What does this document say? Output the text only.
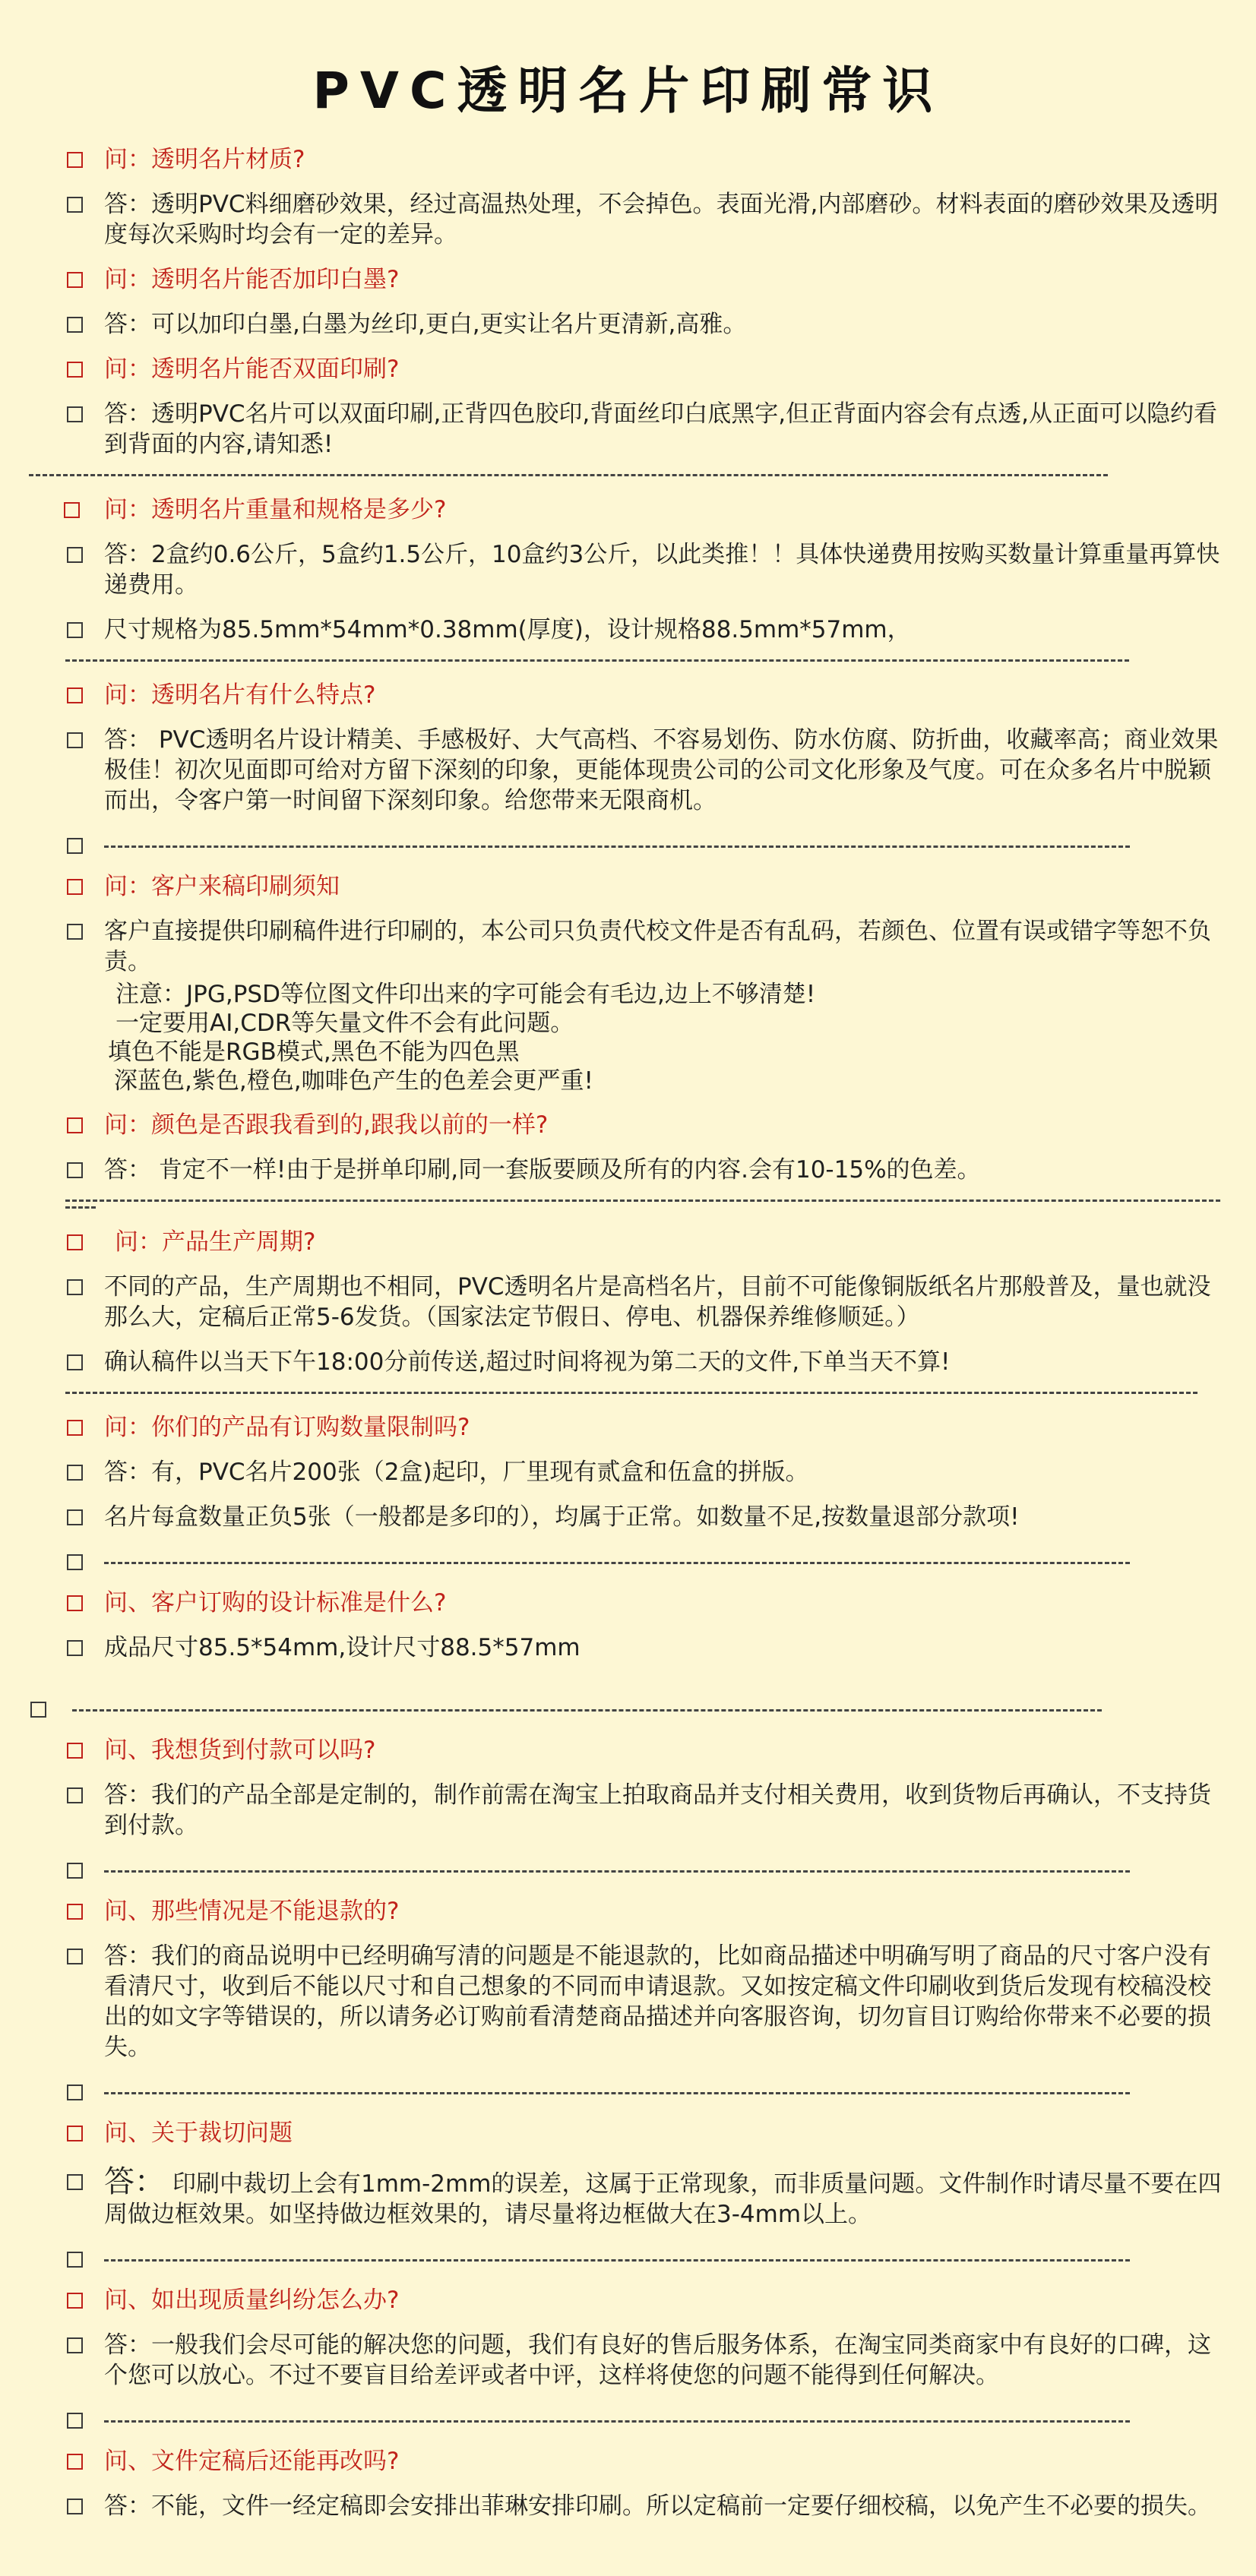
PVC透明名片印刷常识
问：透明名片材质?
答：透明PVC料细磨砂效果，经过高温热处理，不会掉色。表面光滑,内部磨砂。材料表面的磨砂效果及透明度每次采购时均会有一定的差异。
问：透明名片能否加印白墨?
答：可以加印白墨,白墨为丝印,更白,更实让名片更清新,高雅。
问：透明名片能否双面印刷?
答：透明PVC名片可以双面印刷,正背四色胶印,背面丝印白底黑字,但正背面内容会有点透,从正面可以隐约看到背面的内容,请知悉!
问：透明名片重量和规格是多少?
答：2盒约0.6公斤，5盒约1.5公斤，10盒约3公斤，以此类推！！具体快递费用按购买数量计算重量再算快递费用。
尺寸规格为85.5mm*54mm*0.38mm(厚度)，设计规格88.5mm*57mm，
问：透明名片有什么特点?
答： PVC透明名片设计精美、手感极好、大气高档、不容易划伤、防水仿腐、防折曲，收藏率高；商业效果极佳！初次见面即可给对方留下深刻的印象，更能体现贵公司的公司文化形象及气度。可在众多名片中脱颖而出，令客户第一时间留下深刻印象。给您带来无限商机。
问：客户来稿印刷须知
客户直接提供印刷稿件进行印刷的，本公司只负责代校文件是否有乱码，若颜色、位置有误或错字等恕不负责。
注意：JPG,PSD等位图文件印出来的字可能会有毛边,边上不够清楚!
一定要用AI,CDR等矢量文件不会有此问题。
填色不能是RGB模式,黑色不能为四色黑
深蓝色,紫色,橙色,咖啡色产生的色差会更严重!
问：颜色是否跟我看到的,跟我以前的一样?
答： 肯定不一样!由于是拼单印刷,同一套版要顾及所有的内容.会有10-15%的色差。
问：产品生产周期?
不同的产品，生产周期也不相同，PVC透明名片是高档名片，目前不可能像铜版纸名片那般普及，量也就没那么大，定稿后正常5-6发货。（国家法定节假日、停电、机器保养维修顺延。）
确认稿件以当天下午18:00分前传送,超过时间将视为第二天的文件,下单当天不算!
问：你们的产品有订购数量限制吗?
答：有，PVC名片200张（2盒)起印，厂里现有贰盒和伍盒的拼版。
名片每盒数量正负5张（一般都是多印的），均属于正常。如数量不足,按数量退部分款项!
问、客户订购的设计标准是什么?
成品尺寸85.5*54mm,设计尺寸88.5*57mm
问、我想货到付款可以吗?
答：我们的产品全部是定制的，制作前需在淘宝上拍取商品并支付相关费用，收到货物后再确认，不支持货到付款。
问、那些情况是不能退款的?
答：我们的商品说明中已经明确写清的问题是不能退款的，比如商品描述中明确写明了商品的尺寸客户没有看清尺寸，收到后不能以尺寸和自己想象的不同而申请退款。又如按定稿文件印刷收到货后发现有校稿没校出的如文字等错误的，所以请务必订购前看清楚商品描述并向客服咨询，切勿盲目订购给你带来不必要的损失。
问、关于裁切问题
答： 印刷中裁切上会有1mm-2mm的误差，这属于正常现象，而非质量问题。文件制作时请尽量不要在四周做边框效果。如坚持做边框效果的，请尽量将边框做大在3-4mm以上。
问、如出现质量纠纷怎么办?
答：一般我们会尽可能的解决您的问题，我们有良好的售后服务体系，在淘宝同类商家中有良好的口碑，这个您可以放心。不过不要盲目给差评或者中评，这样将使您的问题不能得到任何解决。
问、文件定稿后还能再改吗?
答：不能，文件一经定稿即会安排出菲琳安排印刷。所以定稿前一定要仔细校稿，以免产生不必要的损失。
